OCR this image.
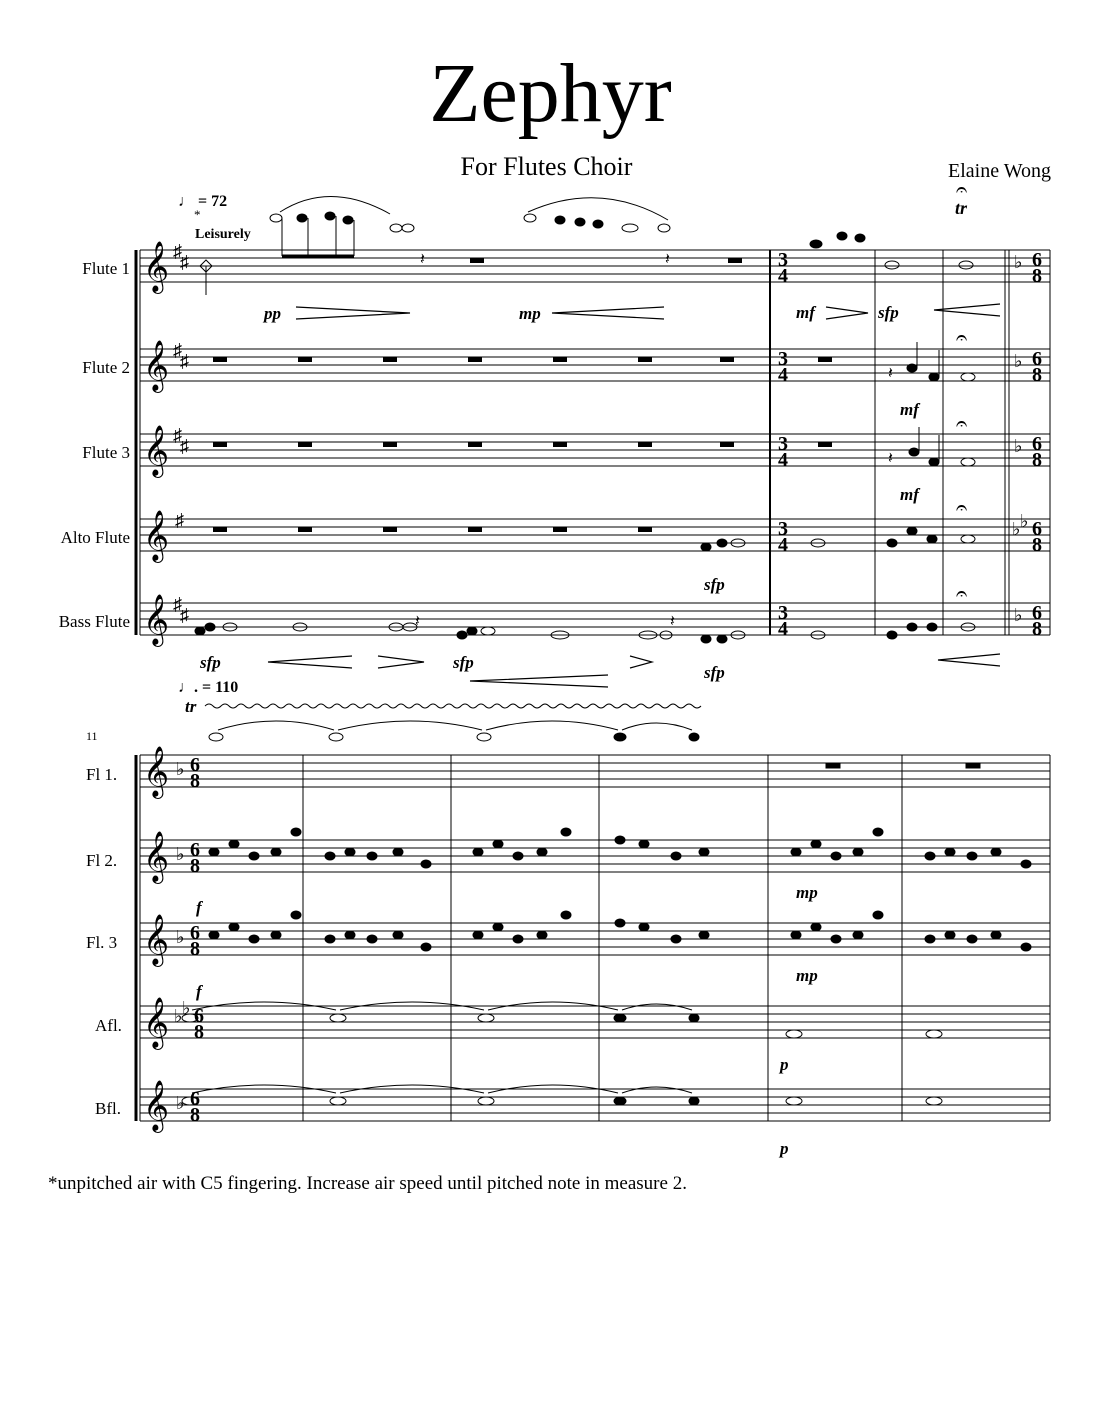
Zephyr
For Flutes Choir	Elaine Wong
♩ = 72
*
Leisurely
Flute 1
Flute 2
Flute 3
Alto Flute
Bass Flute
𝄞
𝄞
𝄞
𝄞
𝄞
♯
♯
♯
♯
♯
♯
♯
♯
♯
3
4
3
4
3
4
3
4
3
4
♭
♭
♭
♭ ♭
♭
6
8
6
8
6
8
6
8
6
8
𝄽	𝄽
tr
𝄐
𝄽
𝄐
𝄽
𝄐
𝄐
𝄽	𝄽
𝄐
pp	mp	mf	sfp
mf
mf
sfp
sfp	sfp
sfp
♩. = 110
tr
11
Fl 1.
Fl 2.
Fl. 3
Afl.
Bfl.
𝄞
𝄞
𝄞
𝄞
𝄞
♭
♭
♭
♭ ♭
♭
6
8
6
8
6
8
6
8
6
8
f
mp
f
mp
p
p
*unpitched air with C5 fingering. Increase air speed until pitched note in measure 2.
